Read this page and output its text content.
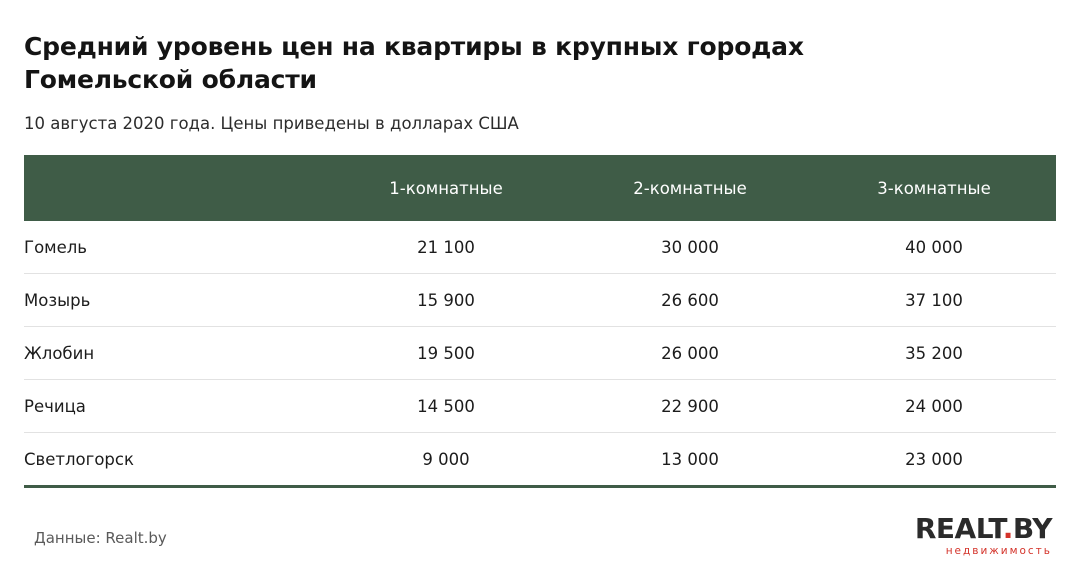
Средний уровень цен на квартиры в крупных городах Гомельской области

10 августа 2020 года. Цены приведены в долларах США

	1-комнатные	2-комнатные	3-комнатные
Гомель	21 100	30 000	40 000
Мозырь	15 900	26 600	37 100
Жлобин	19 500	26 000	35 200
Речица	14 500	22 900	24 000
Светлогорск	9 000	13 000	23 000
Данные: Realt.by	REALT.BY
недвижимость
